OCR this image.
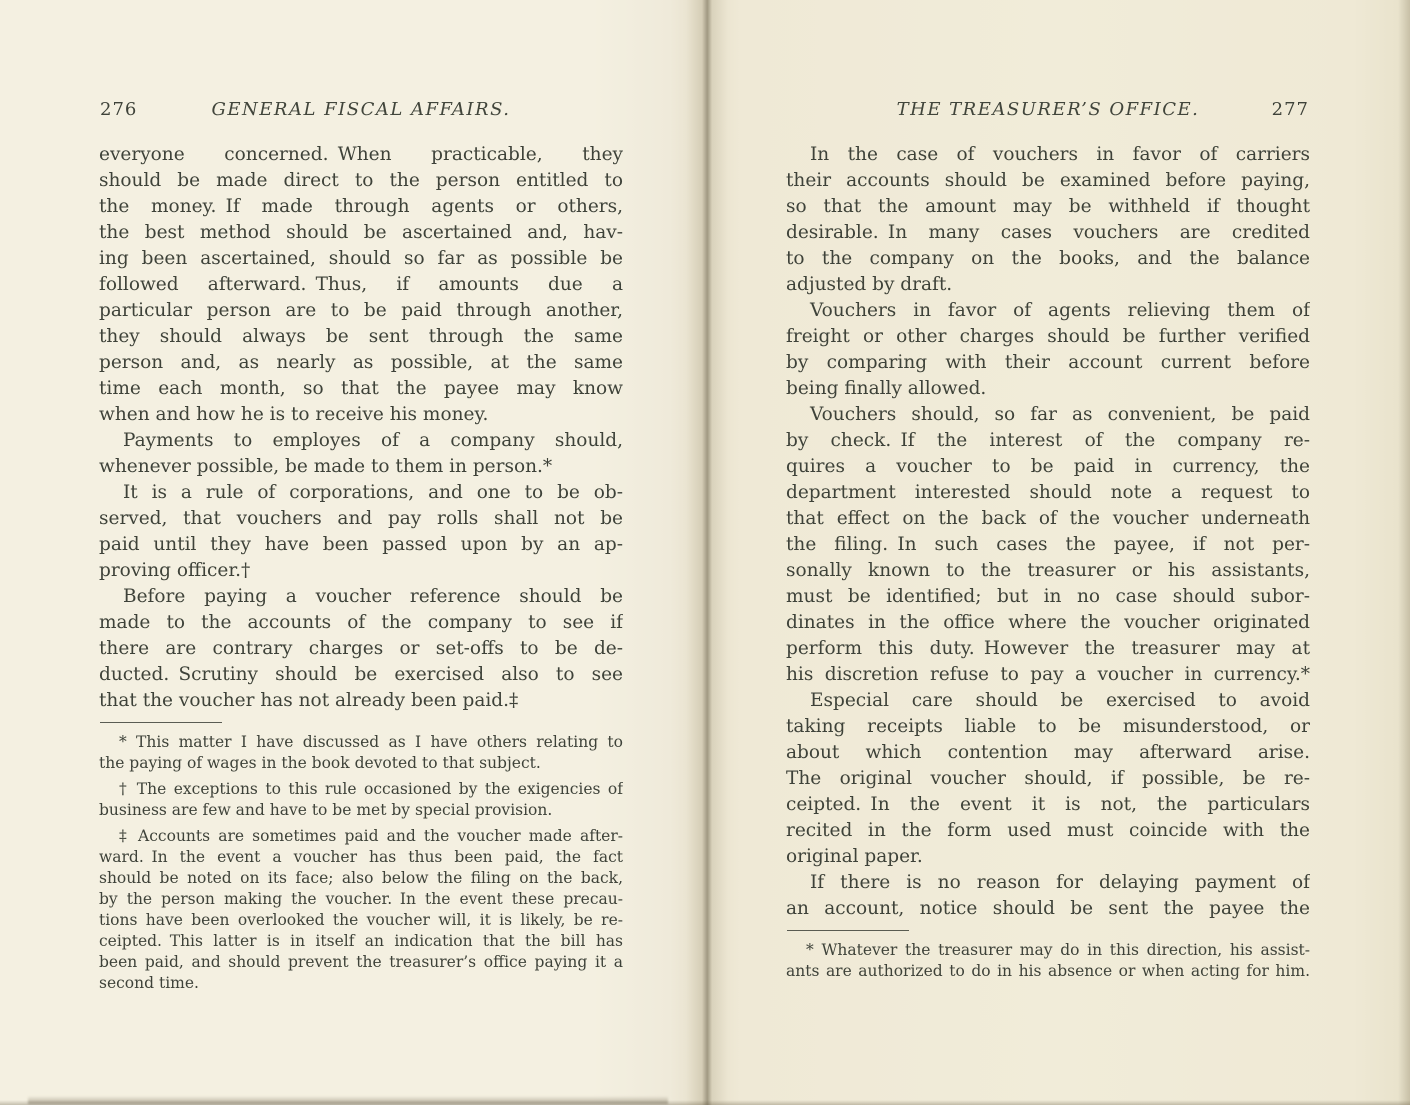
276	GENERAL FISCAL AFFAIRS.
everyone concerned. When practicable, they
should be made direct to the person entitled to
the money. If made through agents or others,
the best method should be ascertained and, hav-
ing been ascertained, should so far as possible be
followed afterward. Thus, if amounts due a
particular person are to be paid through another,
they should always be sent through the same
person and, as nearly as possible, at the same
time each month, so that the payee may know
when and how he is to receive his money.
Payments to employes of a company should,
whenever possible, be made to them in person.*
It is a rule of corporations, and one to be ob-
served, that vouchers and pay rolls shall not be
paid until they have been passed upon by an ap-
proving officer.†
Before paying a voucher reference should be
made to the accounts of the company to see if
there are contrary charges or set-offs to be de-
ducted. Scrutiny should be exercised also to see
that the voucher has not already been paid.‡
* This matter I have discussed as I have others relating to
the paying of wages in the book devoted to that subject.
† The exceptions to this rule occasioned by the exigencies of
business are few and have to be met by special provision.
‡ Accounts are sometimes paid and the voucher made after-
ward. In the event a voucher has thus been paid, the fact
should be noted on its face; also below the filing on the back,
by the person making the voucher. In the event these precau-
tions have been overlooked the voucher will, it is likely, be re-
ceipted. This latter is in itself an indication that the bill has
been paid, and should prevent the treasurer’s office paying it a
second time.
THE TREASURER’S OFFICE.	277
In the case of vouchers in favor of carriers
their accounts should be examined before paying,
so that the amount may be withheld if thought
desirable. In many cases vouchers are credited
to the company on the books, and the balance
adjusted by draft.
Vouchers in favor of agents relieving them of
freight or other charges should be further verified
by comparing with their account current before
being finally allowed.
Vouchers should, so far as convenient, be paid
by check. If the interest of the company re-
quires a voucher to be paid in currency, the
department interested should note a request to
that effect on the back of the voucher underneath
the filing. In such cases the payee, if not per-
sonally known to the treasurer or his assistants,
must be identified; but in no case should subor-
dinates in the office where the voucher originated
perform this duty. However the treasurer may at
his discretion refuse to pay a voucher in currency.*
Especial care should be exercised to avoid
taking receipts liable to be misunderstood, or
about which contention may afterward arise.
The original voucher should, if possible, be re-
ceipted. In the event it is not, the particulars
recited in the form used must coincide with the
original paper.
If there is no reason for delaying payment of
an account, notice should be sent the payee the
* Whatever the treasurer may do in this direction, his assist-
ants are authorized to do in his absence or when acting for him.
